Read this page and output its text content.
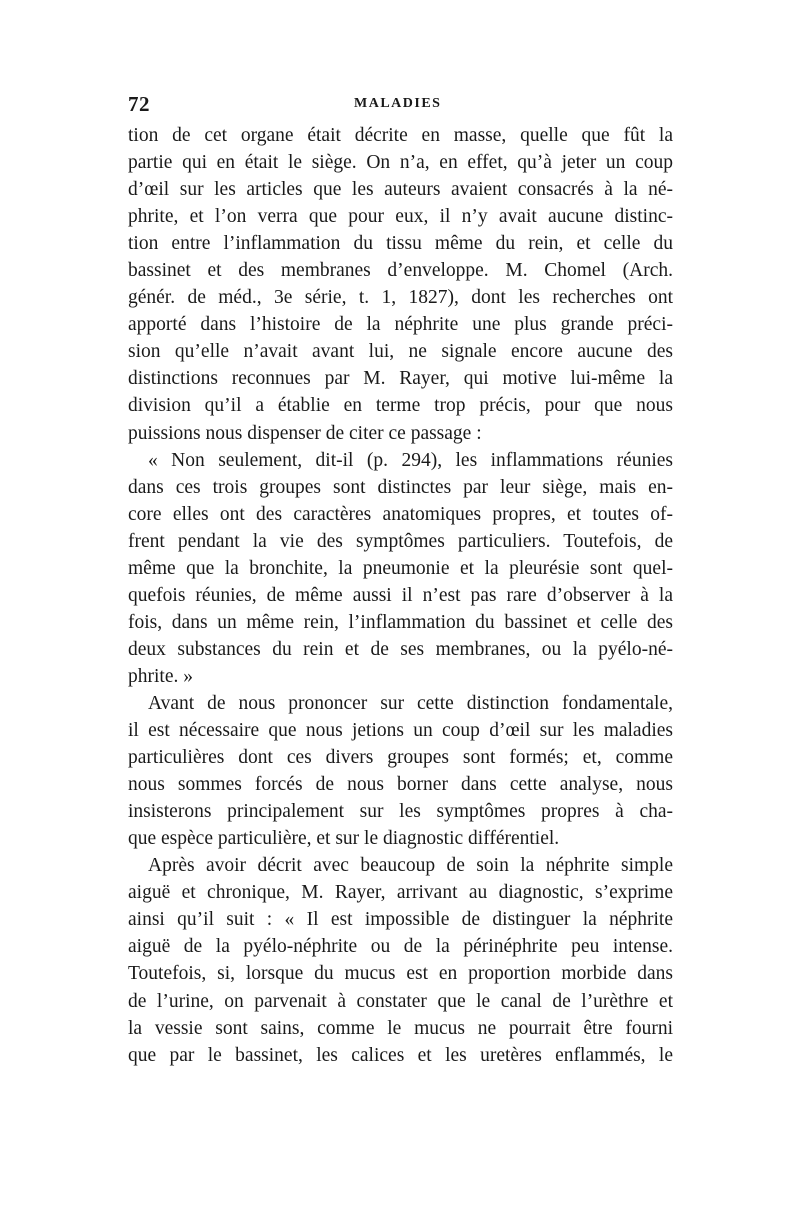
72	MALADIES
tion de cet organe était décrite en masse, quelle que fût la
partie qui en était le siège. On n’a, en effet, qu’à jeter un coup
d’œil sur les articles que les auteurs avaient consacrés à la né-
phrite, et l’on verra que pour eux, il n’y avait aucune distinc-
tion entre l’inflammation du tissu même du rein, et celle du
bassinet et des membranes d’enveloppe. M. Chomel (Arch.
génér. de méd., 3e série, t. 1, 1827), dont les recherches ont
apporté dans l’histoire de la néphrite une plus grande préci-
sion qu’elle n’avait avant lui, ne signale encore aucune des
distinctions reconnues par M. Rayer, qui motive lui-même la
division qu’il a établie en terme trop précis, pour que nous
puissions nous dispenser de citer ce passage :
« Non seulement, dit-il (p. 294), les inflammations réunies
dans ces trois groupes sont distinctes par leur siège, mais en-
core elles ont des caractères anatomiques propres, et toutes of-
frent pendant la vie des symptômes particuliers. Toutefois, de
même que la bronchite, la pneumonie et la pleurésie sont quel-
quefois réunies, de même aussi il n’est pas rare d’observer à la
fois, dans un même rein, l’inflammation du bassinet et celle des
deux substances du rein et de ses membranes, ou la pyélo-né-
phrite. »
Avant de nous prononcer sur cette distinction fondamentale,
il est nécessaire que nous jetions un coup d’œil sur les maladies
particulières dont ces divers groupes sont formés; et, comme
nous sommes forcés de nous borner dans cette analyse, nous
insisterons principalement sur les symptômes propres à cha-
que espèce particulière, et sur le diagnostic différentiel.
Après avoir décrit avec beaucoup de soin la néphrite simple
aiguë et chronique, M. Rayer, arrivant au diagnostic, s’exprime
ainsi qu’il suit : « Il est impossible de distinguer la néphrite
aiguë de la pyélo-néphrite ou de la périnéphrite peu intense.
Toutefois, si, lorsque du mucus est en proportion morbide dans
de l’urine, on parvenait à constater que le canal de l’urèthre et
la vessie sont sains, comme le mucus ne pourrait être fourni
que par le bassinet, les calices et les uretères enflammés, le
